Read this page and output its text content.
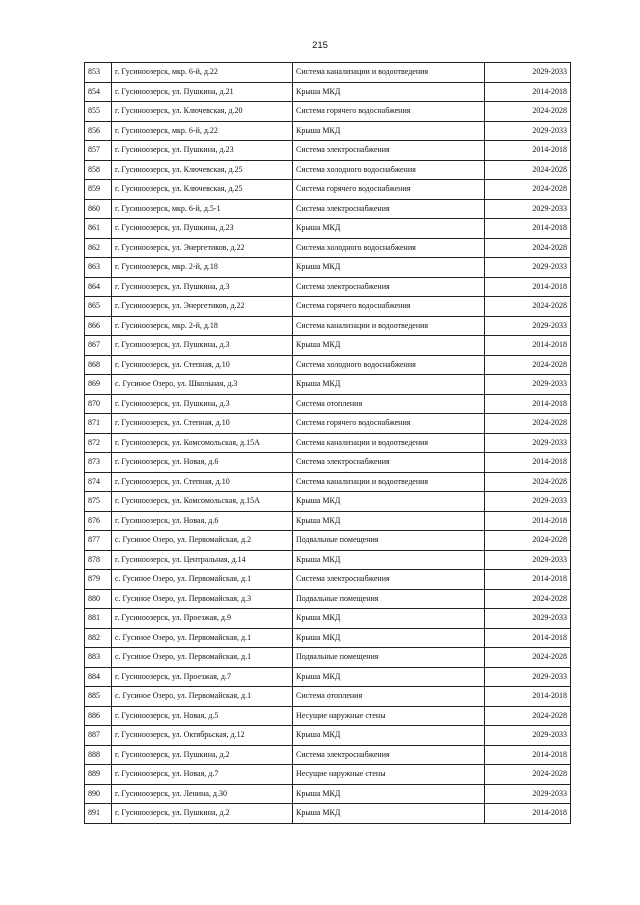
215
853	г. Гусиноозерск, мкр. 6-й, д.22	Система канализации и водоотведения	2029-2033
854	г. Гусиноозерск, ул. Пушкина, д.21	Крыша МКД	2014-2018
855	г. Гусиноозерск, ул. Ключевская, д.20	Система горячего водоснабжения	2024-2028
856	г. Гусиноозерск, мкр. 6-й, д.22	Крыша МКД	2029-2033
857	г. Гусиноозерск, ул. Пушкина, д.23	Система электроснабжения	2014-2018
858	г. Гусиноозерск, ул. Ключевская, д.25	Система холодного водоснабжения	2024-2028
859	г. Гусиноозерск, ул. Ключевская, д.25	Система горячего водоснабжения	2024-2028
860	г. Гусиноозерск, мкр. 6-й, д.5-1	Система электроснабжения	2029-2033
861	г. Гусиноозерск, ул. Пушкина, д.23	Крыша МКД	2014-2018
862	г. Гусиноозерск, ул. Энергетиков, д.22	Система холодного водоснабжения	2024-2028
863	г. Гусиноозерск, мкр. 2-й, д.18	Крыша МКД	2029-2033
864	г. Гусиноозерск, ул. Пушкина, д.3	Система электроснабжения	2014-2018
865	г. Гусиноозерск, ул. Энергетиков, д.22	Система горячего водоснабжения	2024-2028
866	г. Гусиноозерск, мкр. 2-й, д.18	Система канализации и водоотведения	2029-2033
867	г. Гусиноозерск, ул. Пушкина, д.3	Крыша МКД	2014-2018
868	г. Гусиноозерск, ул. Степная, д.10	Система холодного водоснабжения	2024-2028
869	с. Гусиное Озеро, ул. Школьная, д.3	Крыша МКД	2029-2033
870	г. Гусиноозерск, ул. Пушкина, д.3	Система отопления	2014-2018
871	г. Гусиноозерск, ул. Степная, д.10	Система горячего водоснабжения	2024-2028
872	г. Гусиноозерск, ул. Комсомольская, д.15А	Система канализации и водоотведения	2029-2033
873	г. Гусиноозерск, ул. Новая, д.6	Система электроснабжения	2014-2018
874	г. Гусиноозерск, ул. Степная, д.10	Система канализации и водоотведения	2024-2028
875	г. Гусиноозерск, ул. Комсомольская, д.15А	Крыша МКД	2029-2033
876	г. Гусиноозерск, ул. Новая, д.6	Крыша МКД	2014-2018
877	с. Гусиное Озеро, ул. Первомайская, д.2	Подвальные помещения	2024-2028
878	г. Гусиноозерск, ул. Центральная, д.14	Крыша МКД	2029-2033
879	с. Гусиное Озеро, ул. Первомайская, д.1	Система электроснабжения	2014-2018
880	с. Гусиное Озеро, ул. Первомайская, д.3	Подвальные помещения	2024-2028
881	г. Гусиноозерск, ул. Проезжая, д.9	Крыша МКД	2029-2033
882	с. Гусиное Озеро, ул. Первомайская, д.1	Крыша МКД	2014-2018
883	с. Гусиное Озеро, ул. Первомайская, д.1	Подвальные помещения	2024-2028
884	г. Гусиноозерск, ул. Проезжая, д.7	Крыша МКД	2029-2033
885	с. Гусиное Озеро, ул. Первомайская, д.1	Система отопления	2014-2018
886	г. Гусиноозерск, ул. Новая, д.5	Несущие наружные стены	2024-2028
887	г. Гусиноозерск, ул. Октябрьская, д.12	Крыша МКД	2029-2033
888	г. Гусиноозерск, ул. Пушкина, д.2	Система электроснабжения	2014-2018
889	г. Гусиноозерск, ул. Новая, д.7	Несущие наружные стены	2024-2028
890	г. Гусиноозерск, ул. Ленина, д.30	Крыша МКД	2029-2033
891	г. Гусиноозерск, ул. Пушкина, д.2	Крыша МКД	2014-2018
